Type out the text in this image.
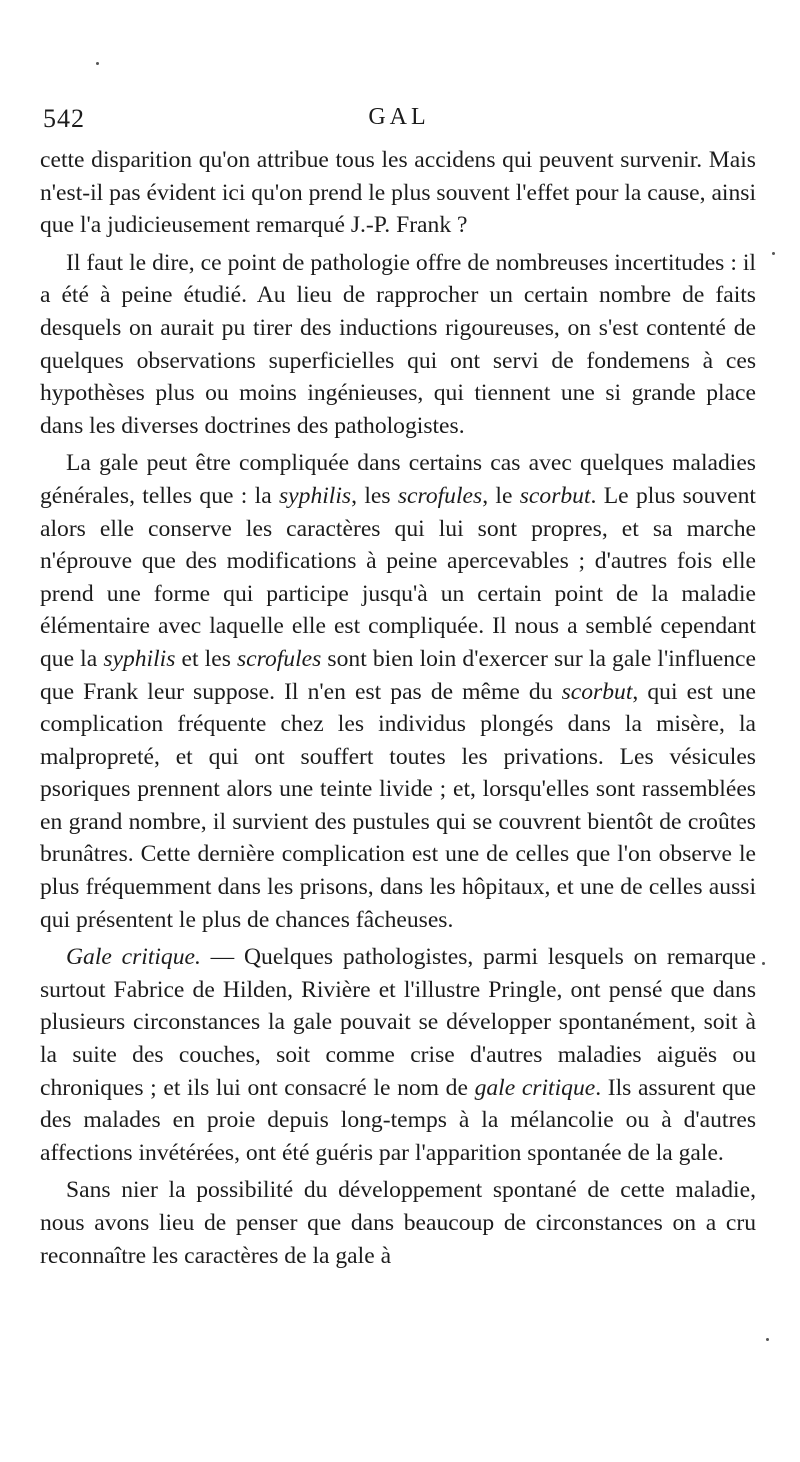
542	GAL

cette disparition qu'on attribue tous les accidens qui peuvent survenir. Mais n'est-il pas évident ici qu'on prend le plus souvent l'effet pour la cause, ainsi que l'a judicieusement remarqué J.-P. Frank ?

Il faut le dire, ce point de pathologie offre de nombreuses incertitudes : il a été à peine étudié. Au lieu de rapprocher un certain nombre de faits desquels on aurait pu tirer des inductions rigoureuses, on s'est contenté de quelques observations superficielles qui ont servi de fondemens à ces hypothèses plus ou moins ingénieuses, qui tiennent une si grande place dans les diverses doctrines des pathologistes.

La gale peut être compliquée dans certains cas avec quelques maladies générales, telles que : la syphilis, les scrofules, le scorbut. Le plus souvent alors elle conserve les caractères qui lui sont propres, et sa marche n'éprouve que des modifications à peine apercevables ; d'autres fois elle prend une forme qui participe jusqu'à un certain point de la maladie élémentaire avec laquelle elle est compliquée. Il nous a semblé cependant que la syphilis et les scrofules sont bien loin d'exercer sur la gale l'influence que Frank leur suppose. Il n'en est pas de même du scorbut, qui est une complication fréquente chez les individus plongés dans la misère, la malpropreté, et qui ont souffert toutes les privations. Les vésicules psoriques prennent alors une teinte livide ; et, lorsqu'elles sont rassemblées en grand nombre, il survient des pustules qui se couvrent bientôt de croûtes brunâtres. Cette dernière complication est une de celles que l'on observe le plus fréquemment dans les prisons, dans les hôpitaux, et une de celles aussi qui présentent le plus de chances fâcheuses.

Gale critique. — Quelques pathologistes, parmi lesquels on remarque surtout Fabrice de Hilden, Rivière et l'illustre Pringle, ont pensé que dans plusieurs circonstances la gale pouvait se développer spontanément, soit à la suite des couches, soit comme crise d'autres maladies aiguës ou chroniques ; et ils lui ont consacré le nom de gale critique. Ils assurent que des malades en proie depuis long-temps à la mélancolie ou à d'autres affections invétérées, ont été guéris par l'apparition spontanée de la gale.

Sans nier la possibilité du développement spontané de cette maladie, nous avons lieu de penser que dans beaucoup de circonstances on a cru reconnaître les caractères de la gale à
